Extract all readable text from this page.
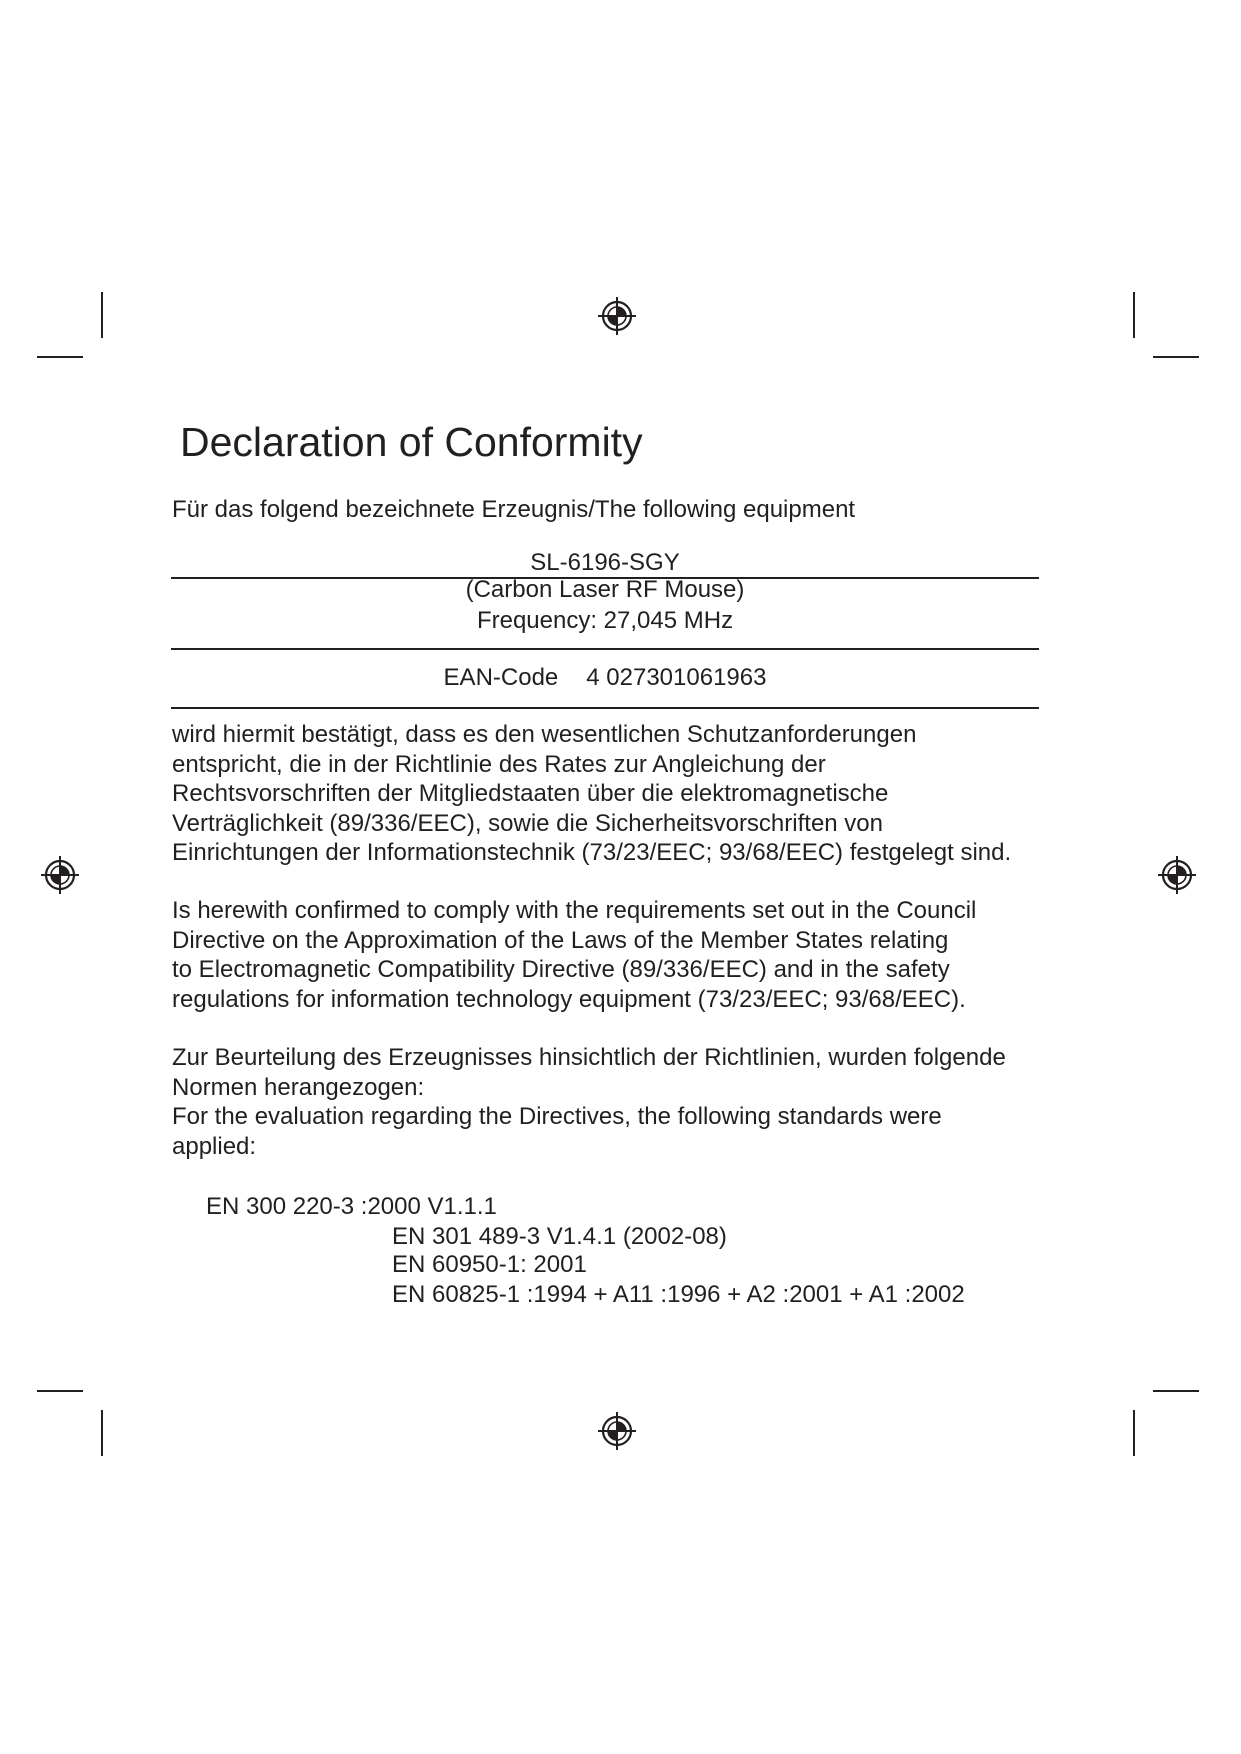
Declaration of Conformity
Für das folgend bezeichnete Erzeugnis/The following equipment
SL-6196-SGY
(Carbon Laser RF Mouse)
Frequency: 27,045 MHz
EAN-Code 4 027301061963
wird hiermit bestätigt, dass es den wesentlichen Schutzanforderungen
entspricht, die in der Richtlinie des Rates zur Angleichung der
Rechtsvorschriften der Mitgliedstaaten über die elektromagnetische
Verträglichkeit (89/336/EEC), sowie die Sicherheitsvorschriften von
Einrichtungen der Informationstechnik (73/23/EEC; 93/68/EEC) festgelegt sind.
Is herewith confirmed to comply with the requirements set out in the Council
Directive on the Approximation of the Laws of the Member States relating
to Electromagnetic Compatibility Directive (89/336/EEC) and in the safety
regulations for information technology equipment (73/23/EEC; 93/68/EEC).
Zur Beurteilung des Erzeugnisses hinsichtlich der Richtlinien, wurden folgende
Normen herangezogen:
For the evaluation regarding the Directives, the following standards were
applied:
EN 300 220-3 :2000 V1.1.1
EN 301 489-3 V1.4.1 (2002-08)
EN 60950-1: 2001
EN 60825-1 :1994 + A11 :1996 + A2 :2001 + A1 :2002
